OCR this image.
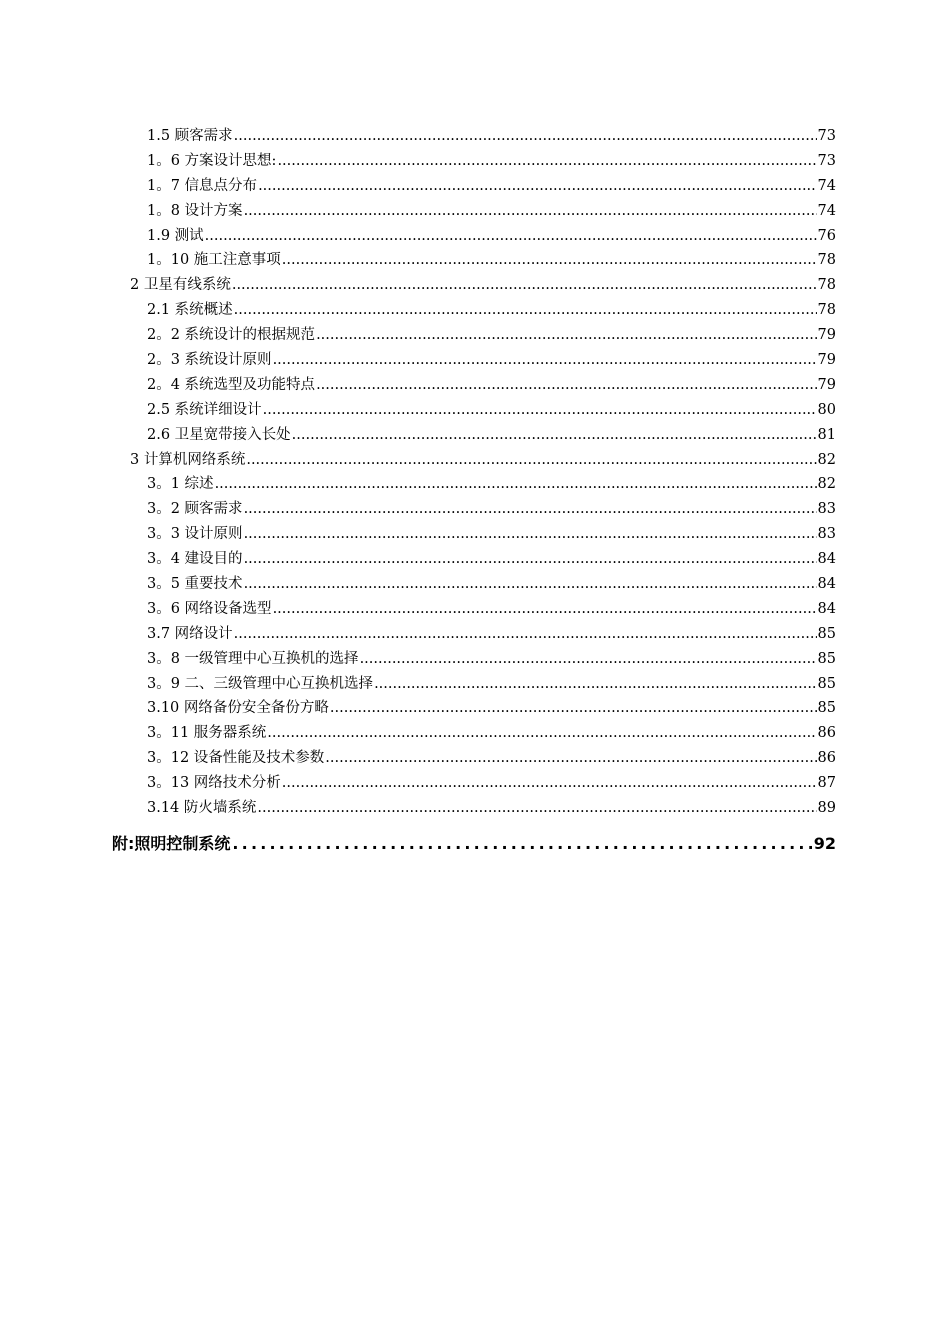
1.5 顾客需求 .....	73
1。6 方案设计思想: .....	73
1。7 信息点分布 .....	74
1。8 设计方案 .....	74
1.9 测试 .....	76
1。10 施工注意事项 .....	78
2 卫星有线系统 .....	78
2.1 系统概述 .....	78
2。2 系统设计的根据规范 .....	79
2。3 系统设计原则 .....	79
2。4 系统选型及功能特点 .....	79
2.5 系统详细设计 .....	80
2.6 卫星宽带接入长处 .....	81
3 计算机网络系统 .....	82
3。1 综述 .....	82
3。2 顾客需求 .....	83
3。3 设计原则 .....	83
3。4 建设目的 .....	84
3。5 重要技术 .....	84
3。6 网络设备选型 .....	84
3.7 网络设计 .....	85
3。8 一级管理中心互换机的选择 .....	85
3。9 二、三级管理中心互换机选择 .....	85
3.10 网络备份安全备份方略 .....	85
3。11 服务器系统 .....	86
3。12 设备性能及技术参数 .....	86
3。13 网络技术分析 .....	87
3.14 防火墙系统 .....	89
附:照明控制系统 .....	92
